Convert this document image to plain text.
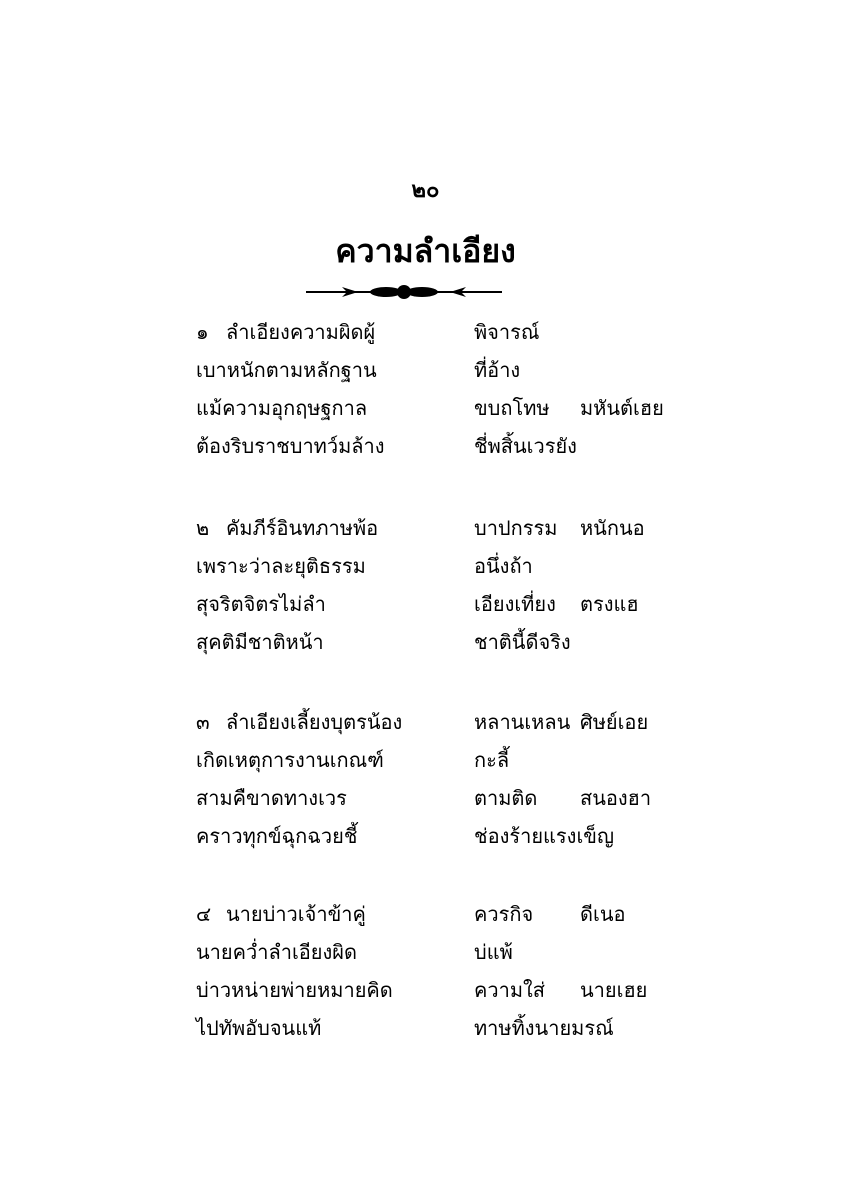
๒๐
ความลำเอียง
๑ ลำเอียงความผิดผู้	พิจารณ์
เบาหนักตามหลักฐาน	ที่อ้าง
แม้ความอุกฤษฐกาล	ขบถโทษ มหันต์เฮย
ต้องริบราชบาทว์มล้าง	ชี่พสิ้นเวรยัง
๒ คัมภีร์อินทภาษพ้อ	บาปกรรม หนักนอ
เพราะว่าละยุติธรรม	อนึ่งถ้า
สุจริตจิตรไม่ลำ	เอียงเที่ยง ตรงแฮ
สุคติมีชาติหน้า	ชาตินี้ดีจริง
๓ ลำเอียงเลี้ยงบุตรน้อง	หลานเหลน ศิษย์เอย
เกิดเหตุการงานเกณฑ์	กะลี้
สามคืขาดทางเวร	ตามติด สนองฮา
คราวทุกข์ฉุกฉวยชี้	ช่องร้ายแรงเข็ญ
๔ นายบ่าวเจ้าข้าคู่	ควรกิจ ดีเนอ
นายคว่ำลำเอียงผิด	บ่แพ้
บ่าวหน่ายพ่ายหมายคิด	ความใส่ นายเฮย
ไปทัพอับจนแท้	ทาษทิ้งนายมรณ์
